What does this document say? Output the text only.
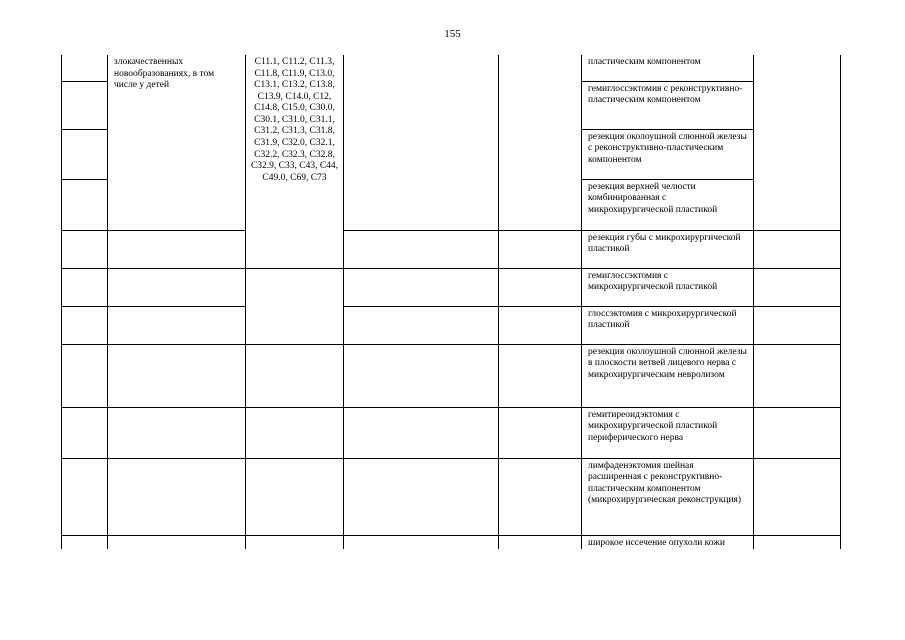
155
	злокачественных новообразованиях, в том числе у детей	C11.1, C11.2, C11.3, C11.8, C11.9, C13.0, C13.1, C13.2, C13.8, C13.9, C14.0, C12, C14.8, C15.0, C30.0, C30.1, C31.0, C31.1, C31.2, C31.3, C31.8, C31.9, C32.0, C32.1, C32.2, C32.3, C32.8, C32.9, C33, C43, C44, C49.0, C69, C73			пластическим компонентом	
					гемиглоссэктомия с реконструктивно-пластическим компонентом	
					резекция околоушной слюнной железы с реконструктивно-пластическим компонентом	
					резекция верхней челюсти комбинированная с микрохирургической пластикой	
					резекция губы с микрохирургической пластикой	
					гемиглоссэктомия с микрохирургической пластикой	
					глоссэктомия с микрохирургической пластикой	
					резекция околоушной слюнной железы в плоскости ветвей лицевого нерва с микрохирургическим невролизом	
					гемитиреоидэктомия с микрохирургической пластикой периферического нерва	
					лимфаденэктомия шейная расширенная с реконструктивно-пластическим компонентом (микрохирургическая реконструкция)	
					широкое иссечение опухоли кожи	
